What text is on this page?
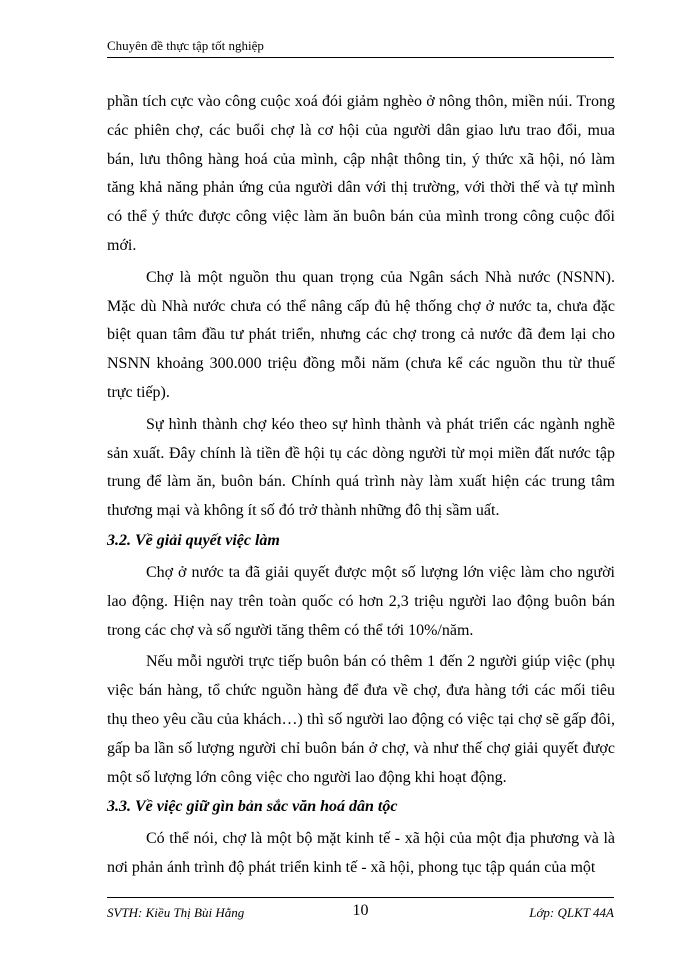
Chuyên đề thực tập tốt nghiệp

phần tích cực vào công cuộc xoá đói giảm nghèo ở nông thôn, miền núi. Trong các phiên chợ, các buổi chợ là cơ hội của người dân giao lưu trao đổi, mua bán, lưu thông hàng hoá của mình, cập nhật thông tin, ý thức xã hội, nó làm tăng khả năng phản ứng của người dân với thị trường, với thời thế và tự mình có thể ý thức được công việc làm ăn buôn bán của mình trong công cuộc đổi mới.

Chợ là một nguồn thu quan trọng của Ngân sách Nhà nước (NSNN). Mặc dù Nhà nước chưa có thể nâng cấp đủ hệ thống chợ ở nước ta, chưa đặc biệt quan tâm đầu tư phát triển, nhưng các chợ trong cả nước đã đem lại cho NSNN khoảng 300.000 triệu đồng mỗi năm (chưa kể các nguồn thu từ thuế trực tiếp).

Sự hình thành chợ kéo theo sự hình thành và phát triển các ngành nghề sản xuất. Đây chính là tiền đề hội tụ các dòng người từ mọi miền đất nước tập trung để làm ăn, buôn bán. Chính quá trình này làm xuất hiện các trung tâm thương mại và không ít số đó trở thành những đô thị sầm uất.

3.2. Về giải quyết việc làm

Chợ ở nước ta đã giải quyết được một số lượng lớn việc làm cho người lao động. Hiện nay trên toàn quốc có hơn 2,3 triệu người lao động buôn bán trong các chợ và số người tăng thêm có thể tới 10%/năm.

Nếu mỗi người trực tiếp buôn bán có thêm 1 đến 2 người giúp việc (phụ việc bán hàng, tổ chức nguồn hàng để đưa về chợ, đưa hàng tới các mối tiêu thụ theo yêu cầu của khách…) thì số người lao động có việc tại chợ sẽ gấp đôi, gấp ba lần số lượng người chỉ buôn bán ở chợ, và như thế chợ giải quyết được một số lượng lớn công việc cho người lao động khi hoạt động.

3.3. Về việc giữ gìn bản sắc văn hoá dân tộc

Có thể nói, chợ là một bộ mặt kinh tế - xã hội của một địa phương và là nơi phản ánh trình độ phát triển kinh tế - xã hội, phong tục tập quán của một

SVTH: Kiều Thị Bùi Hằng	10	Lớp: QLKT 44A
